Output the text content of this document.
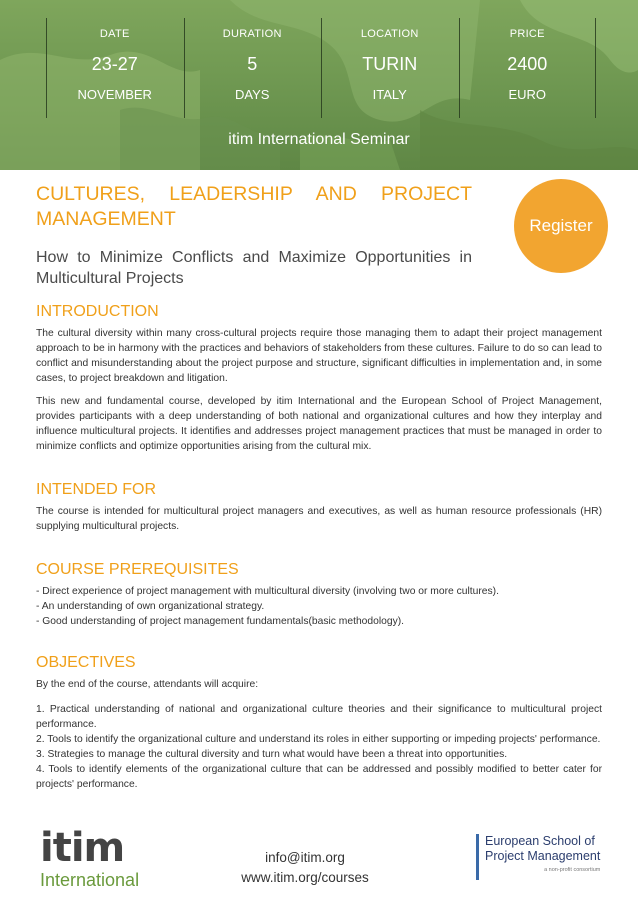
DATE
23-27
NOVEMBER
DURATION
5
DAYS
LOCATION
TURIN
ITALY
PRICE
2400
EURO
itim International Seminar
CULTURES, LEADERSHIP AND PROJECT MANAGEMENT
How to Minimize Conflicts and Maximize Opportunities in Multicultural Projects
Register
INTRODUCTION

The cultural diversity within many cross-cultural projects require those managing them to adapt their project management approach to be in harmony with the practices and behaviors of stakeholders from these cultures. Failure to do so can lead to conflict and misunderstanding about the project purpose and structure, significant difficulties in implementation and, in some cases, to project breakdown and litigation.

This new and fundamental course, developed by itim International and the European School of Project Management, provides participants with a deep understanding of both national and organizational cultures and how they interplay and influence multicultural projects. It identifies and addresses project management practices that must be managed in order to minimize conflicts and optimize opportunities arising from the cultural mix.

INTENDED FOR

The course is intended for multicultural project managers and executives, as well as human resource professionals (HR) supplying multicultural projects.

COURSE PREREQUISITES
- Direct experience of project management with multicultural diversity (involving two or more cultures).
- An understanding of own organizational strategy.
- Good understanding of project management fundamentals(basic methodology).
OBJECTIVES
By the end of the course, attendants will acquire:

1. Practical understanding of national and organizational culture theories and their significance to multicultural project performance.

2. Tools to identify the organizational culture and understand its roles in either supporting or impeding projects' performance.

3. Strategies to manage the cultural diversity and turn what would have been a threat into opportunities.

4. Tools to identify elements of the organizational culture that can be addressed and possibly modified to better cater for projects' performance.

itim
International
info@itim.org
www.itim.org/courses
European School of
Project Management
a non-profit consortium
